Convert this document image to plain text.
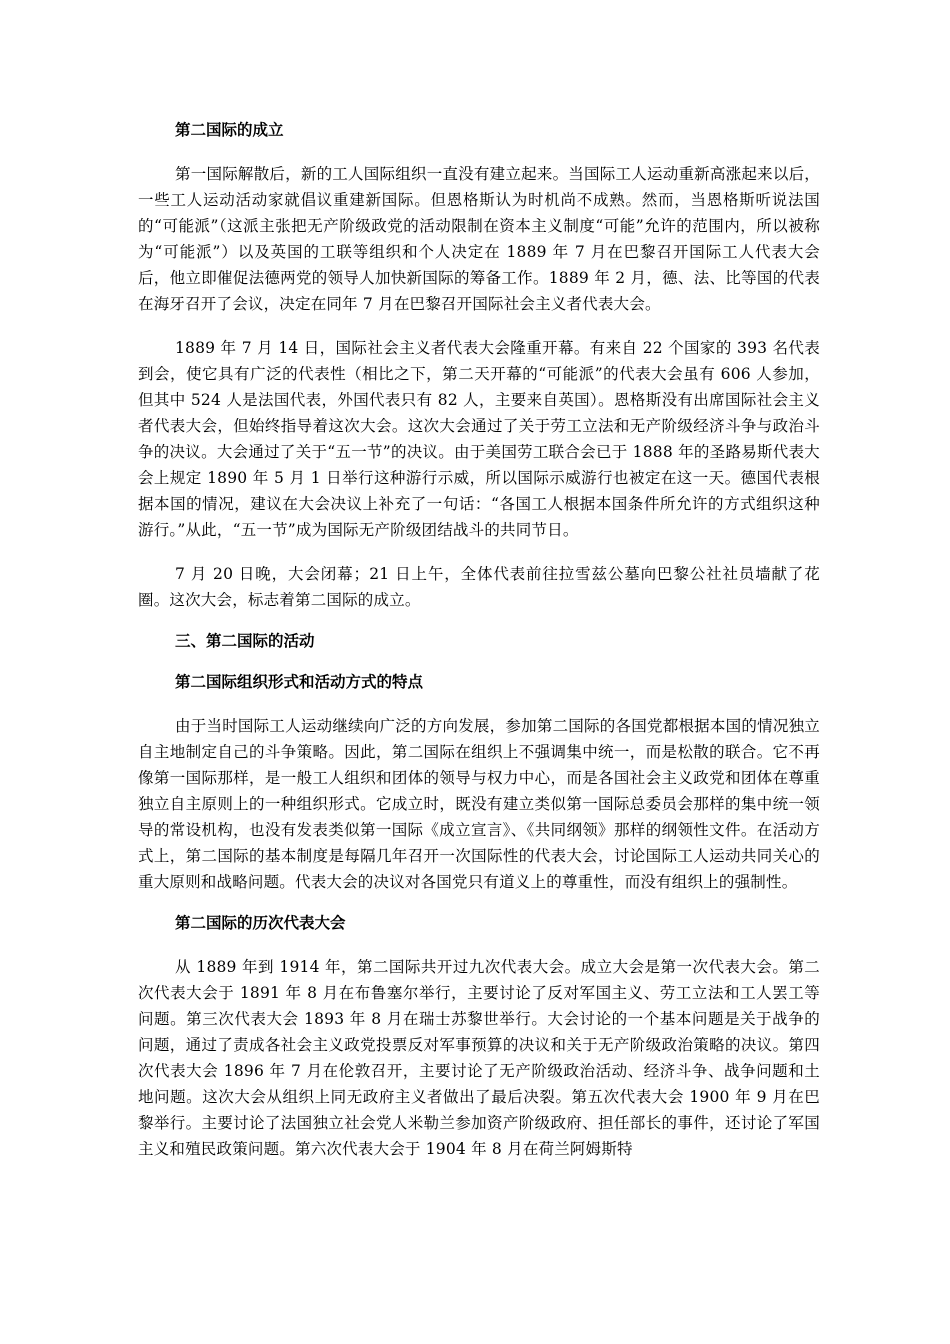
第二国际的成立

第一国际解散后，新的工人国际组织一直没有建立起来。当国际工人运动重新高涨起来以后，一些工人运动活动家就倡议重建新国际。但恩格斯认为时机尚不成熟。然而，当恩格斯听说法国的“可能派”（这派主张把无产阶级政党的活动限制在资本主义制度“可能”允许的范围内，所以被称为“可能派”）以及英国的工联等组织和个人决定在 1889 年 7 月在巴黎召开国际工人代表大会后，他立即催促法德两党的领导人加快新国际的筹备工作。1889 年 2 月，德、法、比等国的代表在海牙召开了会议，决定在同年 7 月在巴黎召开国际社会主义者代表大会。

1889 年 7 月 14 日，国际社会主义者代表大会隆重开幕。有来自 22 个国家的 393 名代表到会，使它具有广泛的代表性（相比之下，第二天开幕的“可能派”的代表大会虽有 606 人参加，但其中 524 人是法国代表，外国代表只有 82 人，主要来自英国）。恩格斯没有出席国际社会主义者代表大会，但始终指导着这次大会。这次大会通过了关于劳工立法和无产阶级经济斗争与政治斗争的决议。大会通过了关于“五一节”的决议。由于美国劳工联合会已于 1888 年的圣路易斯代表大会上规定 1890 年 5 月 1 日举行这种游行示威，所以国际示威游行也被定在这一天。德国代表根据本国的情况，建议在大会决议上补充了一句话：“各国工人根据本国条件所允许的方式组织这种游行。”从此，“五一节”成为国际无产阶级团结战斗的共同节日。

7 月 20 日晚，大会闭幕；21 日上午，全体代表前往拉雪兹公墓向巴黎公社社员墙献了花圈。这次大会，标志着第二国际的成立。

三、第二国际的活动
第二国际组织形式和活动方式的特点

由于当时国际工人运动继续向广泛的方向发展，参加第二国际的各国党都根据本国的情况独立自主地制定自己的斗争策略。因此，第二国际在组织上不强调集中统一，而是松散的联合。它不再像第一国际那样，是一般工人组织和团体的领导与权力中心，而是各国社会主义政党和团体在尊重独立自主原则上的一种组织形式。它成立时，既没有建立类似第一国际总委员会那样的集中统一领导的常设机构，也没有发表类似第一国际《成立宣言》、《共同纲领》那样的纲领性文件。在活动方式上，第二国际的基本制度是每隔几年召开一次国际性的代表大会，讨论国际工人运动共同关心的重大原则和战略问题。代表大会的决议对各国党只有道义上的尊重性，而没有组织上的强制性。

第二国际的历次代表大会

从 1889 年到 1914 年，第二国际共开过九次代表大会。成立大会是第一次代表大会。第二次代表大会于 1891 年 8 月在布鲁塞尔举行，主要讨论了反对军国主义、劳工立法和工人罢工等问题。第三次代表大会 1893 年 8 月在瑞士苏黎世举行。大会讨论的一个基本问题是关于战争的问题，通过了责成各社会主义政党投票反对军事预算的决议和关于无产阶级政治策略的决议。第四次代表大会 1896 年 7 月在伦敦召开，主要讨论了无产阶级政治活动、经济斗争、战争问题和土地问题。这次大会从组织上同无政府主义者做出了最后决裂。第五次代表大会 1900 年 9 月在巴黎举行。主要讨论了法国独立社会党人米勒兰参加资产阶级政府、担任部长的事件，还讨论了军国主义和殖民政策问题。第六次代表大会于 1904 年 8 月在荷兰阿姆斯特
